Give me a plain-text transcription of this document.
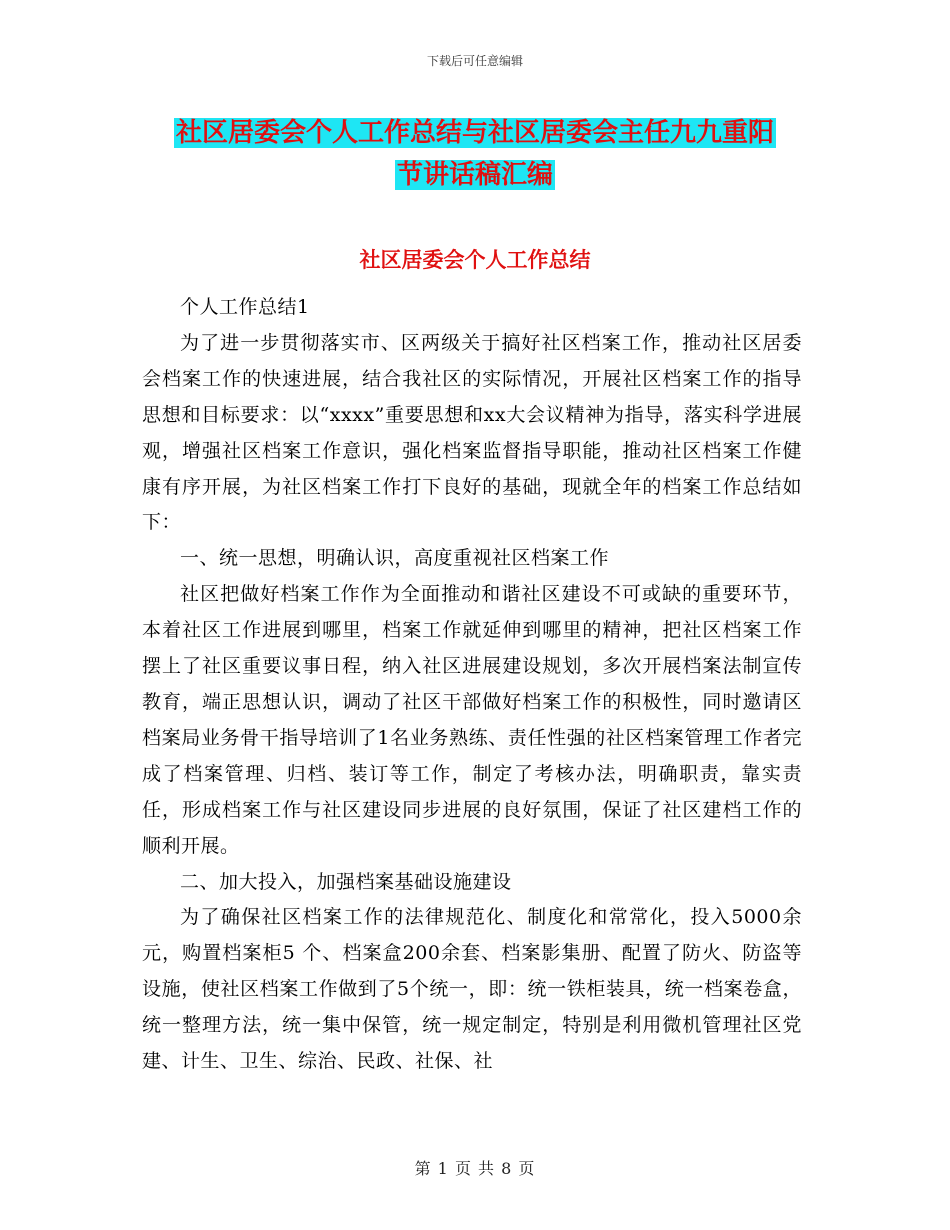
下载后可任意编辑
社区居委会个人工作总结与社区居委会主任九九重阳
节讲话稿汇编
社区居委会个人工作总结

个人工作总结1

为了进一步贯彻落实市、区两级关于搞好社区档案工作，推动社区居委会档案工作的快速进展，结合我社区的实际情况，开展社区档案工作的指导思想和目标要求：以“xxxx”重要思想和xx大会议精神为指导，落实科学进展观，增强社区档案工作意识，强化档案监督指导职能，推动社区档案工作健康有序开展，为社区档案工作打下良好的基础，现就全年的档案工作总结如下：

一、统一思想，明确认识，高度重视社区档案工作

社区把做好档案工作作为全面推动和谐社区建设不可或缺的重要环节，本着社区工作进展到哪里，档案工作就延伸到哪里的精神，把社区档案工作摆上了社区重要议事日程，纳入社区进展建设规划，多次开展档案法制宣传教育，端正思想认识，调动了社区干部做好档案工作的积极性，同时邀请区档案局业务骨干指导培训了1名业务熟练、责任性强的社区档案管理工作者完成了档案管理、归档、装订等工作，制定了考核办法，明确职责，靠实责任，形成档案工作与社区建设同步进展的良好氛围，保证了社区建档工作的顺利开展。

二、加大投入，加强档案基础设施建设

为了确保社区档案工作的法律规范化、制度化和常常化，投入5000余元，购置档案柜5 个、档案盒200余套、档案影集册、配置了防火、防盗等设施，使社区档案工作做到了5个统一，即：统一铁柜装具，统一档案卷盒，统一整理方法，统一集中保管，统一规定制定，特别是利用微机管理社区党建、计生、卫生、综治、民政、社保、社

第 1 页 共 8 页
